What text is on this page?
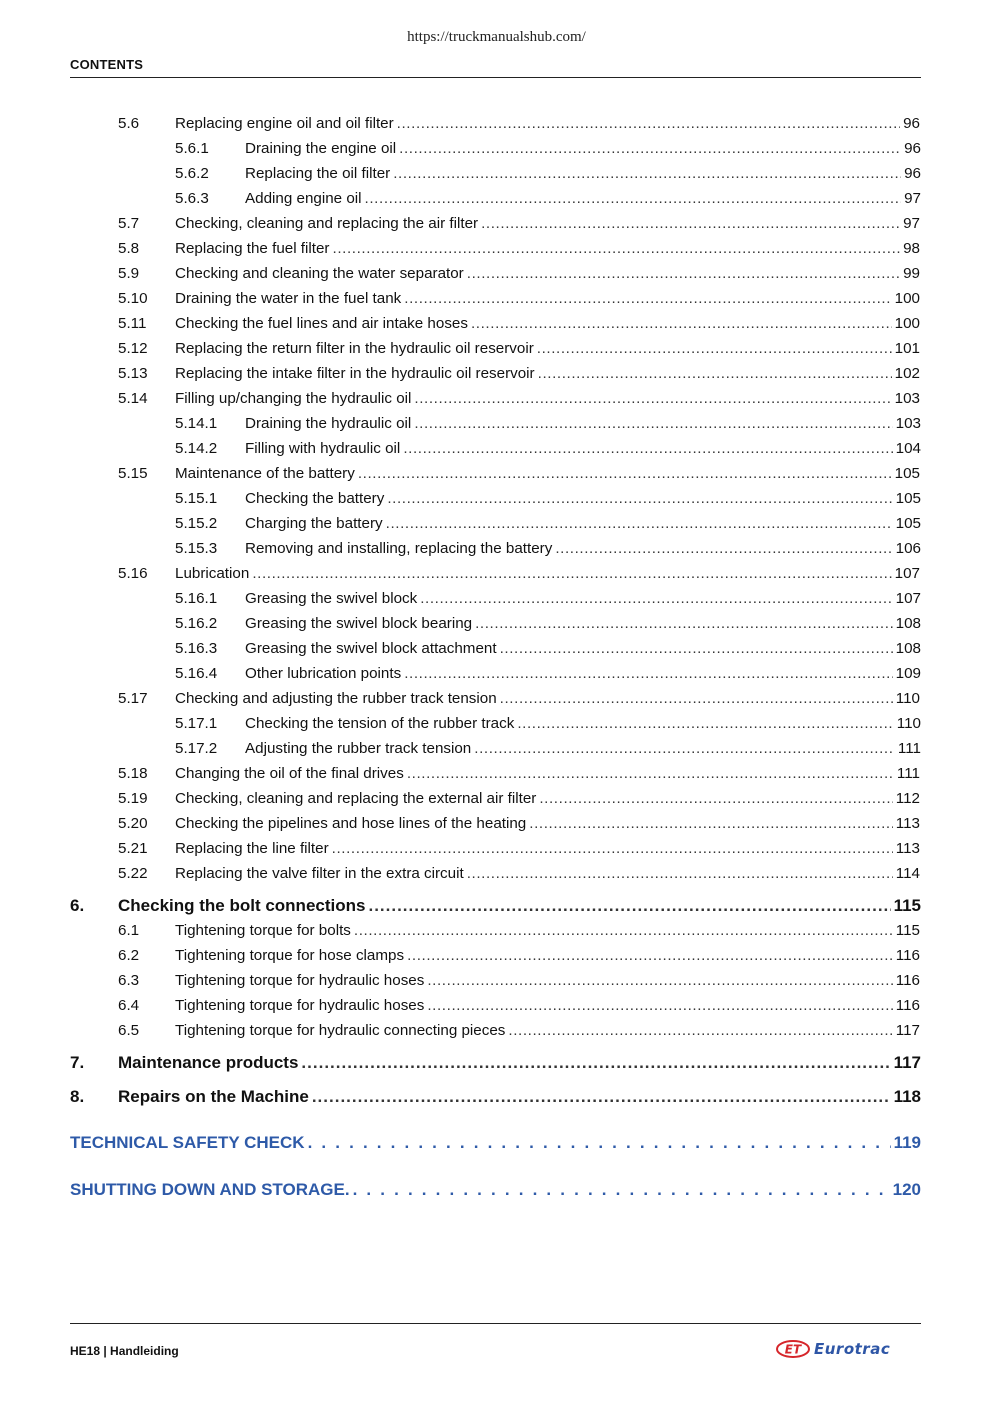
https://truckmanualshub.com/
CONTENTS
5.6	Replacing engine oil and oil filter .....	96
5.6.1	Draining the engine oil .....	96
5.6.2	Replacing the oil filter .....	96
5.6.3	Adding engine oil .....	97
5.7	Checking, cleaning and replacing the air filter .....	97
5.8	Replacing the fuel filter .....	98
5.9	Checking and cleaning the water separator .....	99
5.10	Draining the water in the fuel tank .....	100
5.11	Checking the fuel lines and air intake hoses .....	100
5.12	Replacing the return filter in the hydraulic oil reservoir .....	101
5.13	Replacing the intake filter in the hydraulic oil reservoir .....	102
5.14	Filling up/changing the hydraulic oil .....	103
5.14.1	Draining the hydraulic oil .....	103
5.14.2	Filling with hydraulic oil .....	104
5.15	Maintenance of the battery .....	105
5.15.1	Checking the battery .....	105
5.15.2	Charging the battery .....	105
5.15.3	Removing and installing, replacing the battery .....	106
5.16	Lubrication .....	107
5.16.1	Greasing the swivel block .....	107
5.16.2	Greasing the swivel block bearing .....	108
5.16.3	Greasing the swivel block attachment .....	108
5.16.4	Other lubrication points .....	109
5.17	Checking and adjusting the rubber track tension .....	110
5.17.1	Checking the tension of the rubber track .....	110
5.17.2	Adjusting the rubber track tension .....	111
5.18	Changing the oil of the final drives .....	111
5.19	Checking, cleaning and replacing the external air filter .....	112
5.20	Checking the pipelines and hose lines of the heating .....	113
5.21	Replacing the line filter .....	113
5.22	Replacing the valve filter in the extra circuit .....	114
6.	Checking the bolt connections .....	115
6.1	Tightening torque for bolts .....	115
6.2	Tightening torque for hose clamps .....	116
6.3	Tightening torque for hydraulic hoses .....	116
6.4	Tightening torque for hydraulic hoses .....	116
6.5	Tightening torque for hydraulic connecting pieces .....	117
7.	Maintenance products .....	117
8.	Repairs on the Machine .....	118
TECHNICAL SAFETY CHECK . . .	119
SHUTTING DOWN AND STORAGE. . . .	120
HE18 | Handleiding	ET Eurotrac
